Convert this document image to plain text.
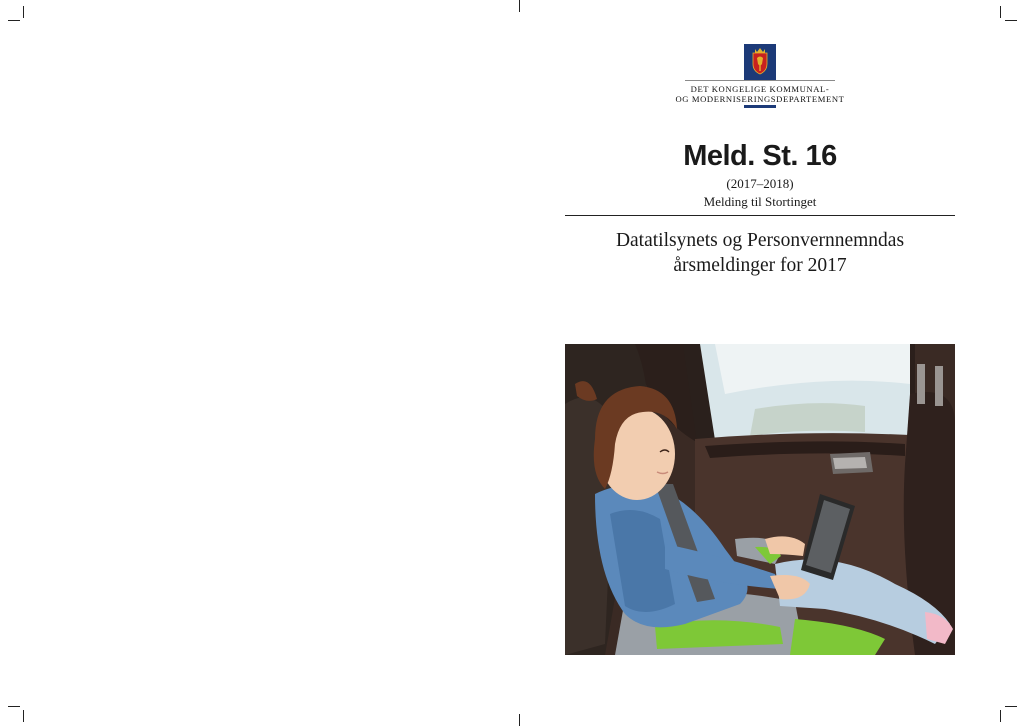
DET KONGELIGE KOMMUNAL-
OG MODERNISERINGSDEPARTEMENT
Meld. St. 16
(2017–2018)
Melding til Stortinget
Datatilsynets og Personvernnemndas
årsmeldinger for 2017
